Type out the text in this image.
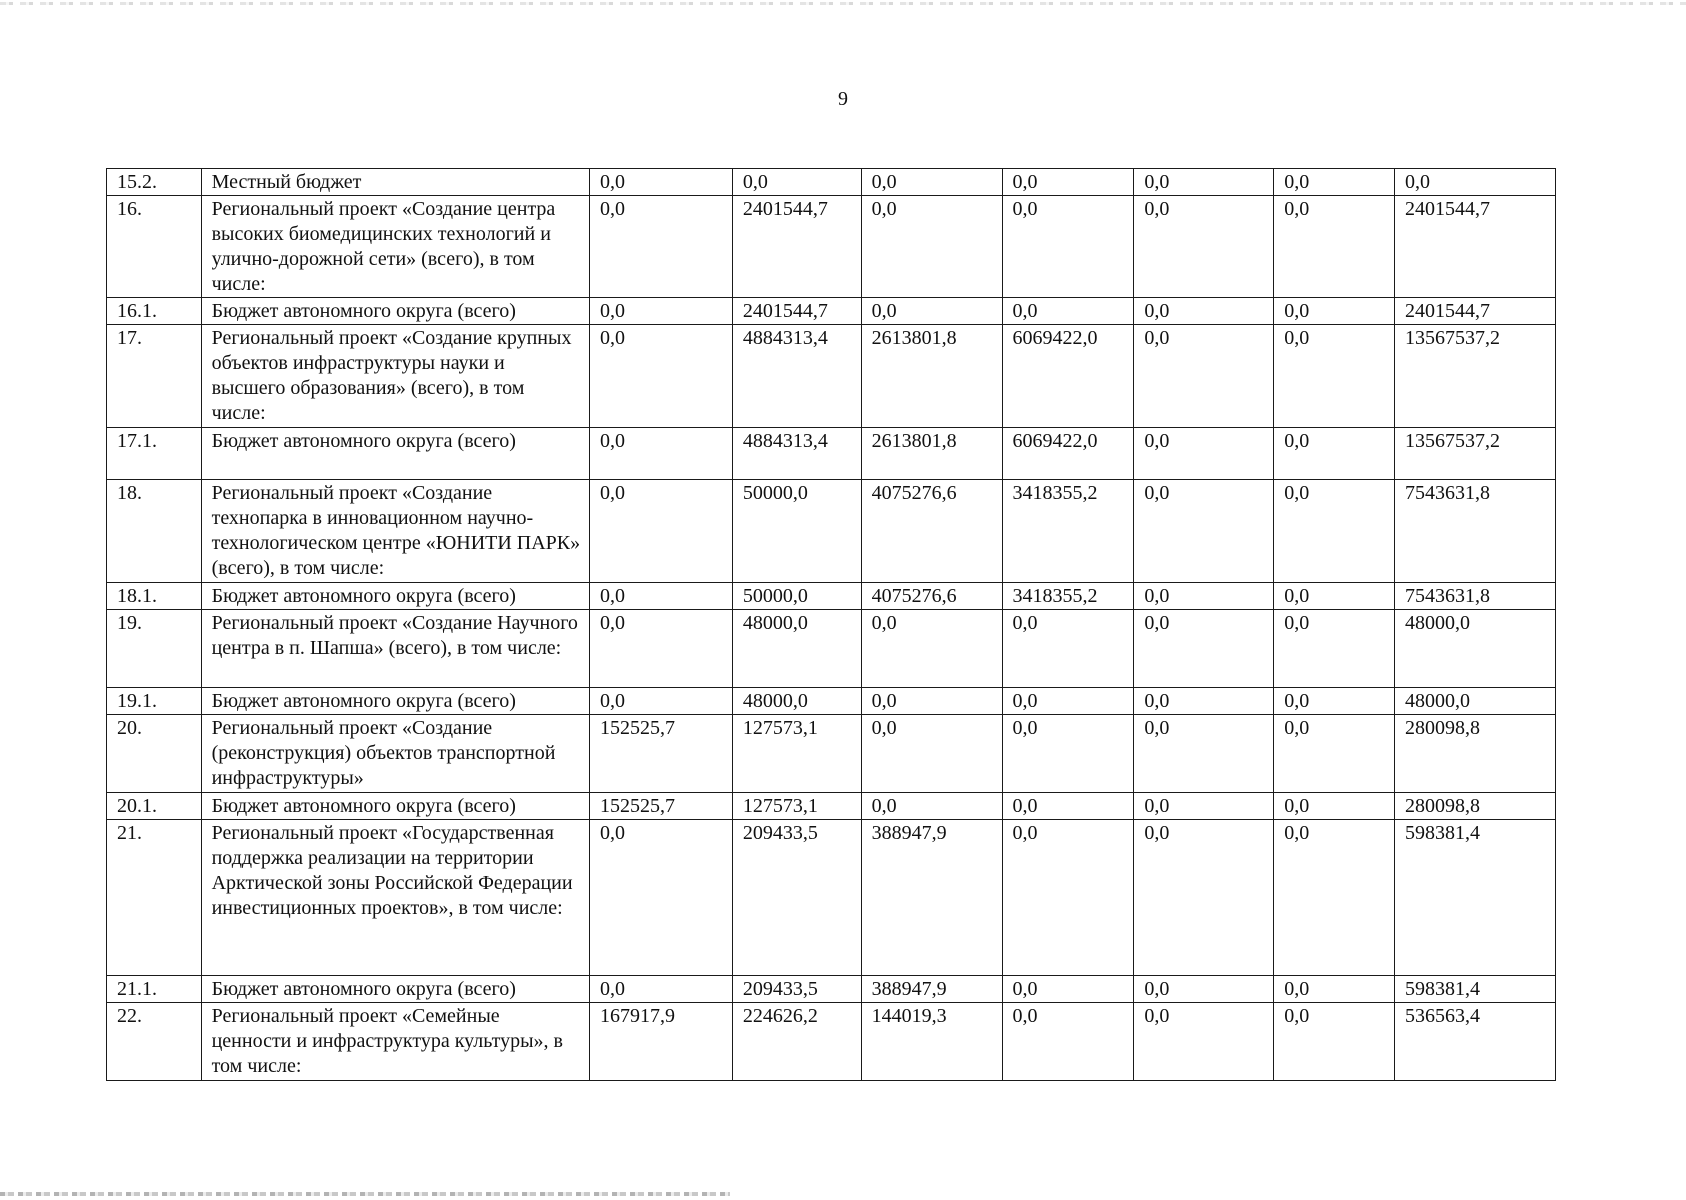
9
15.2.	Местный бюджет	0,0	0,0	0,0	0,0	0,0	0,0	0,0
16.	Региональный проект «Создание центра высоких биомедицинских технологий и улично-дорожной сети» (всего), в том числе:	0,0	2401544,7	0,0	0,0	0,0	0,0	2401544,7
16.1.	Бюджет автономного округа (всего)	0,0	2401544,7	0,0	0,0	0,0	0,0	2401544,7
17.	Региональный проект «Создание крупных объектов инфраструктуры науки и высшего образования» (всего), в том числе:	0,0	4884313,4	2613801,8	6069422,0	0,0	0,0	13567537,2
17.1.	Бюджет автономного округа (всего)	0,0	4884313,4	2613801,8	6069422,0	0,0	0,0	13567537,2
18.	Региональный проект «Создание технопарка в инновационном научно-технологическом центре «ЮНИТИ ПАРК» (всего), в том числе:	0,0	50000,0	4075276,6	3418355,2	0,0	0,0	7543631,8
18.1.	Бюджет автономного округа (всего)	0,0	50000,0	4075276,6	3418355,2	0,0	0,0	7543631,8
19.	Региональный проект «Создание Научного центра в п. Шапша» (всего), в том числе:	0,0	48000,0	0,0	0,0	0,0	0,0	48000,0
19.1.	Бюджет автономного округа (всего)	0,0	48000,0	0,0	0,0	0,0	0,0	48000,0
20.	Региональный проект «Создание (реконструкция) объектов транспортной инфраструктуры»	152525,7	127573,1	0,0	0,0	0,0	0,0	280098,8
20.1.	Бюджет автономного округа (всего)	152525,7	127573,1	0,0	0,0	0,0	0,0	280098,8
21.	Региональный проект «Государственная поддержка реализации на территории Арктической зоны Российской Федерации инвестиционных проектов», в том числе:	0,0	209433,5	388947,9	0,0	0,0	0,0	598381,4
21.1.	Бюджет автономного округа (всего)	0,0	209433,5	388947,9	0,0	0,0	0,0	598381,4
22.	Региональный проект «Семейные ценности и инфраструктура культуры», в том числе:	167917,9	224626,2	144019,3	0,0	0,0	0,0	536563,4
